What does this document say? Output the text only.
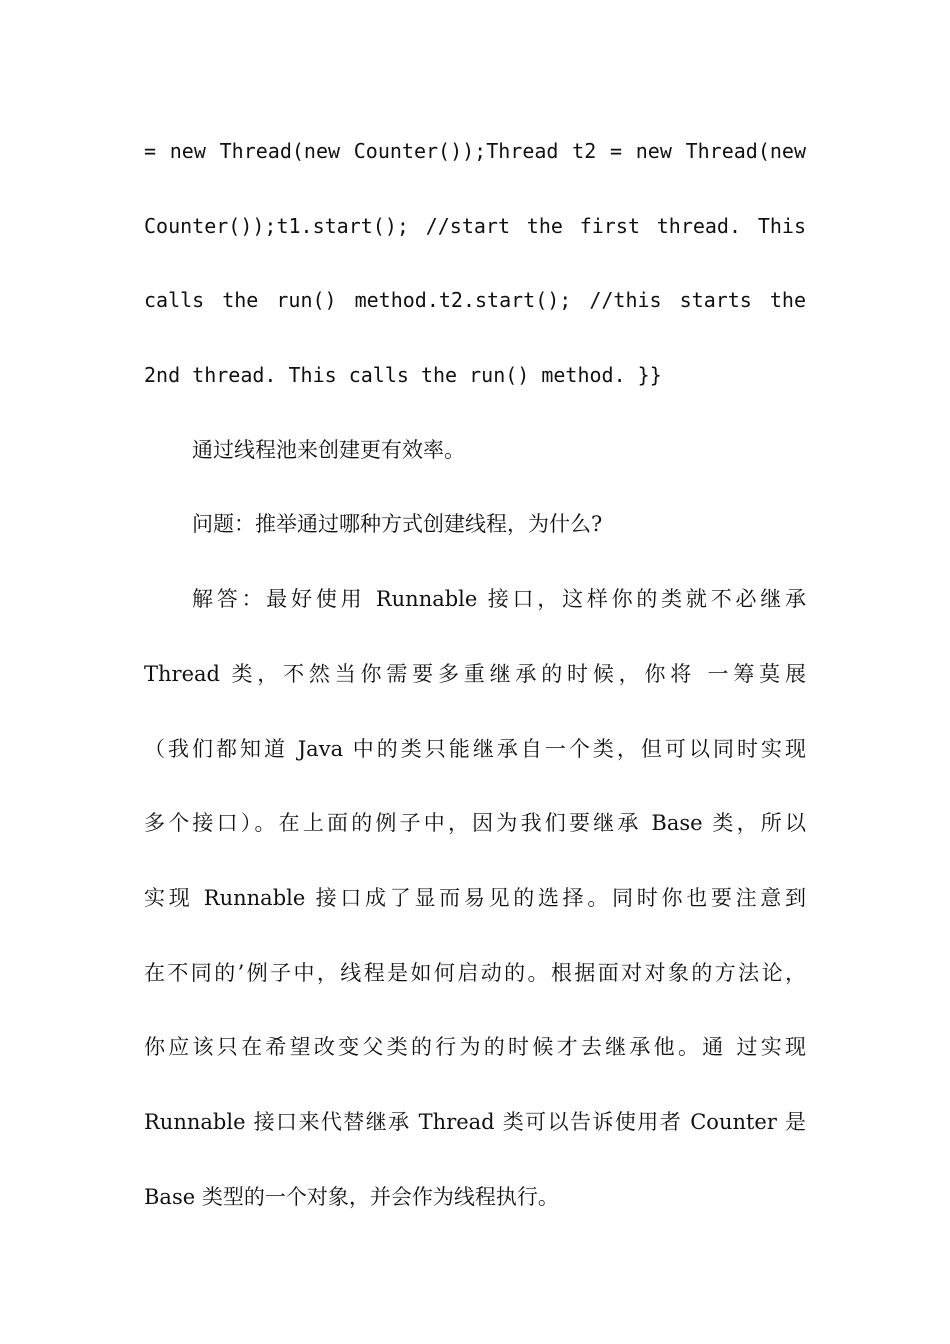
= new Thread(new Counter());Thread t2 = new Thread(new
Counter());t1.start(); //start the first thread. This
calls the run() method.t2.start(); //this starts the
2nd thread. This calls the run() method. }}
通过线程池来创建更有效率。
问题：推举通过哪种方式创建线程，为什么?
解答：最好使用 Runnable 接口，这样你的类就不必继承
Thread 类，不然当你需要多重继承的时候，你将 一筹莫展
（我们都知道 Java 中的类只能继承自一个类，但可以同时实现
多个接口）。在上面的例子中，因为我们要继承 Base 类，所以
实现 Runnable 接口成了显而易见的选择。同时你也要注意到
在不同的’例子中，线程是如何启动的。根据面对对象的方法论，
你应该只在希望改变父类的行为的时候才去继承他。通 过实现
Runnable 接口来代替继承 Thread 类可以告诉使用者 Counter 是
Base 类型的一个对象，并会作为线程执行。
